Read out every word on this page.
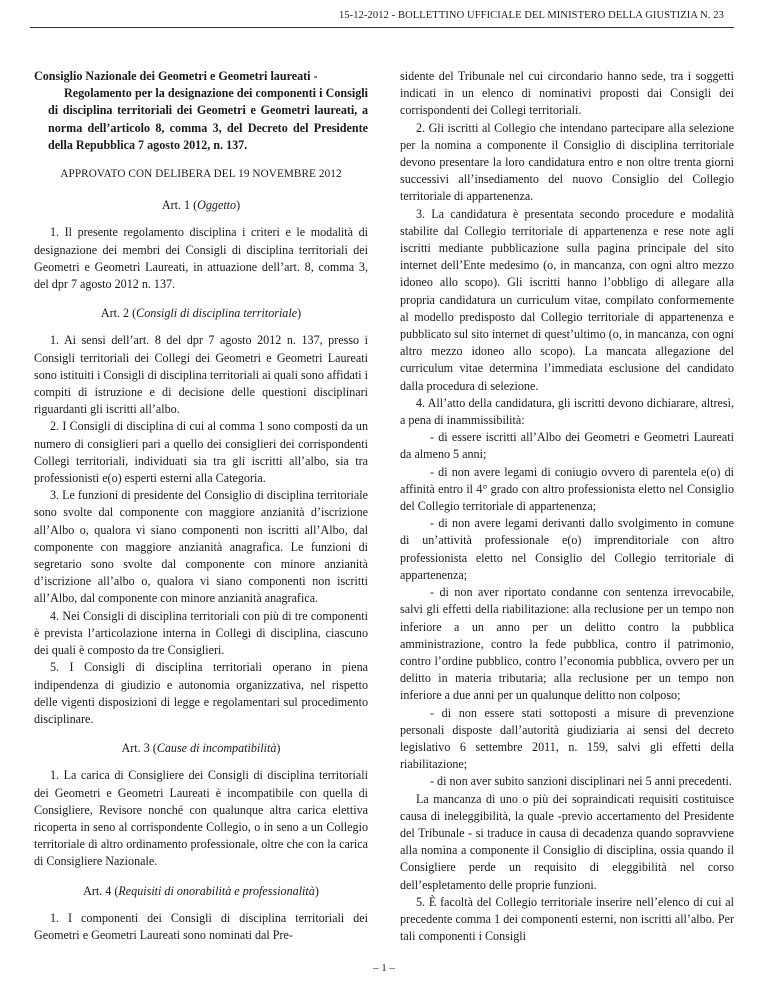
15-12-2012 - BOLLETTINO UFFICIALE DEL MINISTERO DELLA GIUSTIZIA N. 23

Consiglio Nazionale dei Geometri e Geometri laureati -
Regolamento per la designazione dei componenti i Consigli di disciplina territoriali dei Geometri e Geometri laureati, a norma dell’articolo 8, comma 3, del Decreto del Presidente della Repubblica 7 agosto 2012, n. 137.

APPROVATO CON DELIBERA DEL 19 NOVEMBRE 2012

Art. 1 (Oggetto)

1. Il presente regolamento disciplina i criteri e le modalità di designazione dei membri dei Consigli di disciplina territoriali dei Geometri e Geometri Laureati, in attuazione dell’art. 8, comma 3, del dpr 7 agosto 2012 n. 137.

Art. 2 (Consigli di disciplina territoriale)

1. Ai sensi dell’art. 8 del dpr 7 agosto 2012 n. 137, presso i Consigli territoriali dei Collegi dei Geometri e Geometri Laureati sono istituiti i Consigli di disciplina territoriali ai quali sono affidati i compiti di istruzione e di decisione delle questioni disciplinari riguardanti gli iscritti all’albo.

2. I Consigli di disciplina di cui al comma 1 sono composti da un numero di consiglieri pari a quello dei consiglieri dei corrispondenti Collegi territoriali, individuati sia tra gli iscritti all’albo, sia tra professionisti e(o) esperti esterni alla Categoria.

3. Le funzioni di presidente del Consiglio di disciplina territoriale sono svolte dal componente con maggiore anzianità d’iscrizione all’Albo o, qualora vi siano componenti non iscritti all’Albo, dal componente con maggiore anzianità anagrafica. Le funzioni di segretario sono svolte dal componente con minore anzianità d’iscrizione all’albo o, qualora vi siano componenti non iscritti all’Albo, dal componente con minore anzianità anagrafica.

4. Nei Consigli di disciplina territoriali con più di tre componenti è prevista l’articolazione interna in Collegi di disciplina, ciascuno dei quali è composto da tre Consiglieri.

5. I Consigli di disciplina territoriali operano in piena indipendenza di giudizio e autonomia organizzativa, nel rispetto delle vigenti disposizioni di legge e regolamentari sul procedimento disciplinare.

Art. 3 (Cause di incompatibilità)

1. La carica di Consigliere dei Consigli di disciplina territoriali dei Geometri e Geometri Laureati è incompatibile con quella di Consigliere, Revisore nonché con qualunque altra carica elettiva ricoperta in seno al corrispondente Collegio, o in seno a un Collegio territoriale di altro ordinamento professionale, oltre che con la carica di Consigliere Nazionale.

Art. 4 (Requisiti di onorabilità e professionalità)

1. I componenti dei Consigli di disciplina territoriali dei Geometri e Geometri Laureati sono nominati dal Pre-

sidente del Tribunale nel cui circondario hanno sede, tra i soggetti indicati in un elenco di nominativi proposti dai Consigli dei corrispondenti dei Collegi territoriali.

2. Gli iscritti al Collegio che intendano partecipare alla selezione per la nomina a componente il Consiglio di disciplina territoriale devono presentare la loro candidatura entro e non oltre trenta giorni successivi all’insediamento del nuovo Consiglio del Collegio territoriale di appartenenza.

3. La candidatura è presentata secondo procedure e modalità stabilite dal Collegio territoriale di appartenenza e rese note agli iscritti mediante pubblicazione sulla pagina principale del sito internet dell’Ente medesimo (o, in mancanza, con ogni altro mezzo idoneo allo scopo). Gli iscritti hanno l’obbligo di allegare alla propria candidatura un curriculum vitae, compilato conformemente al modello predisposto dal Collegio territoriale di appartenenza e pubblicato sul sito internet di quest’ultimo (o, in mancanza, con ogni altro mezzo idoneo allo scopo). La mancata allegazione del curriculum vitae determina l’immediata esclusione del candidato dalla procedura di selezione.

4. All’atto della candidatura, gli iscritti devono dichiarare, altresì, a pena di inammissibilità:

- di essere iscritti all’Albo dei Geometri e Geometri Laureati da almeno 5 anni;

- di non avere legami di coniugio ovvero di parentela e(o) di affinità entro il 4° grado con altro professionista eletto nel Consiglio del Collegio territoriale di appartenenza;

- di non avere legami derivanti dallo svolgimento in comune di un’attività professionale e(o) imprenditoriale con altro professionista eletto nel Consiglio del Collegio territoriale di appartenenza;

- di non aver riportato condanne con sentenza irrevocabile, salvi gli effetti della riabilitazione: alla reclusione per un tempo non inferiore a un anno per un delitto contro la pubblica amministrazione, contro la fede pubblica, contro il patrimonio, contro l’ordine pubblico, contro l’economia pubblica, ovvero per un delitto in materia tributaria; alla reclusione per un tempo non inferiore a due anni per un qualunque delitto non colposo;

- di non essere stati sottoposti a misure di prevenzione personali disposte dall’autorità giudiziaria ai sensi del decreto legislativo 6 settembre 2011, n. 159, salvi gli effetti della riabilitazione;

- di non aver subito sanzioni disciplinari nei 5 anni precedenti.

La mancanza di uno o più dei sopraindicati requisiti costituisce causa di ineleggibilità, la quale -previo accertamento del Presidente del Tribunale - si traduce in causa di decadenza quando sopravviene alla nomina a componente il Consiglio di disciplina, ossia quando il Consigliere perde un requisito di eleggibilità nel corso dell’espletamento delle proprie funzioni.

5. È facoltà del Collegio territoriale inserire nell’elenco di cui al precedente comma 1 dei componenti esterni, non iscritti all’albo. Per tali componenti i Consigli

– 1 –
